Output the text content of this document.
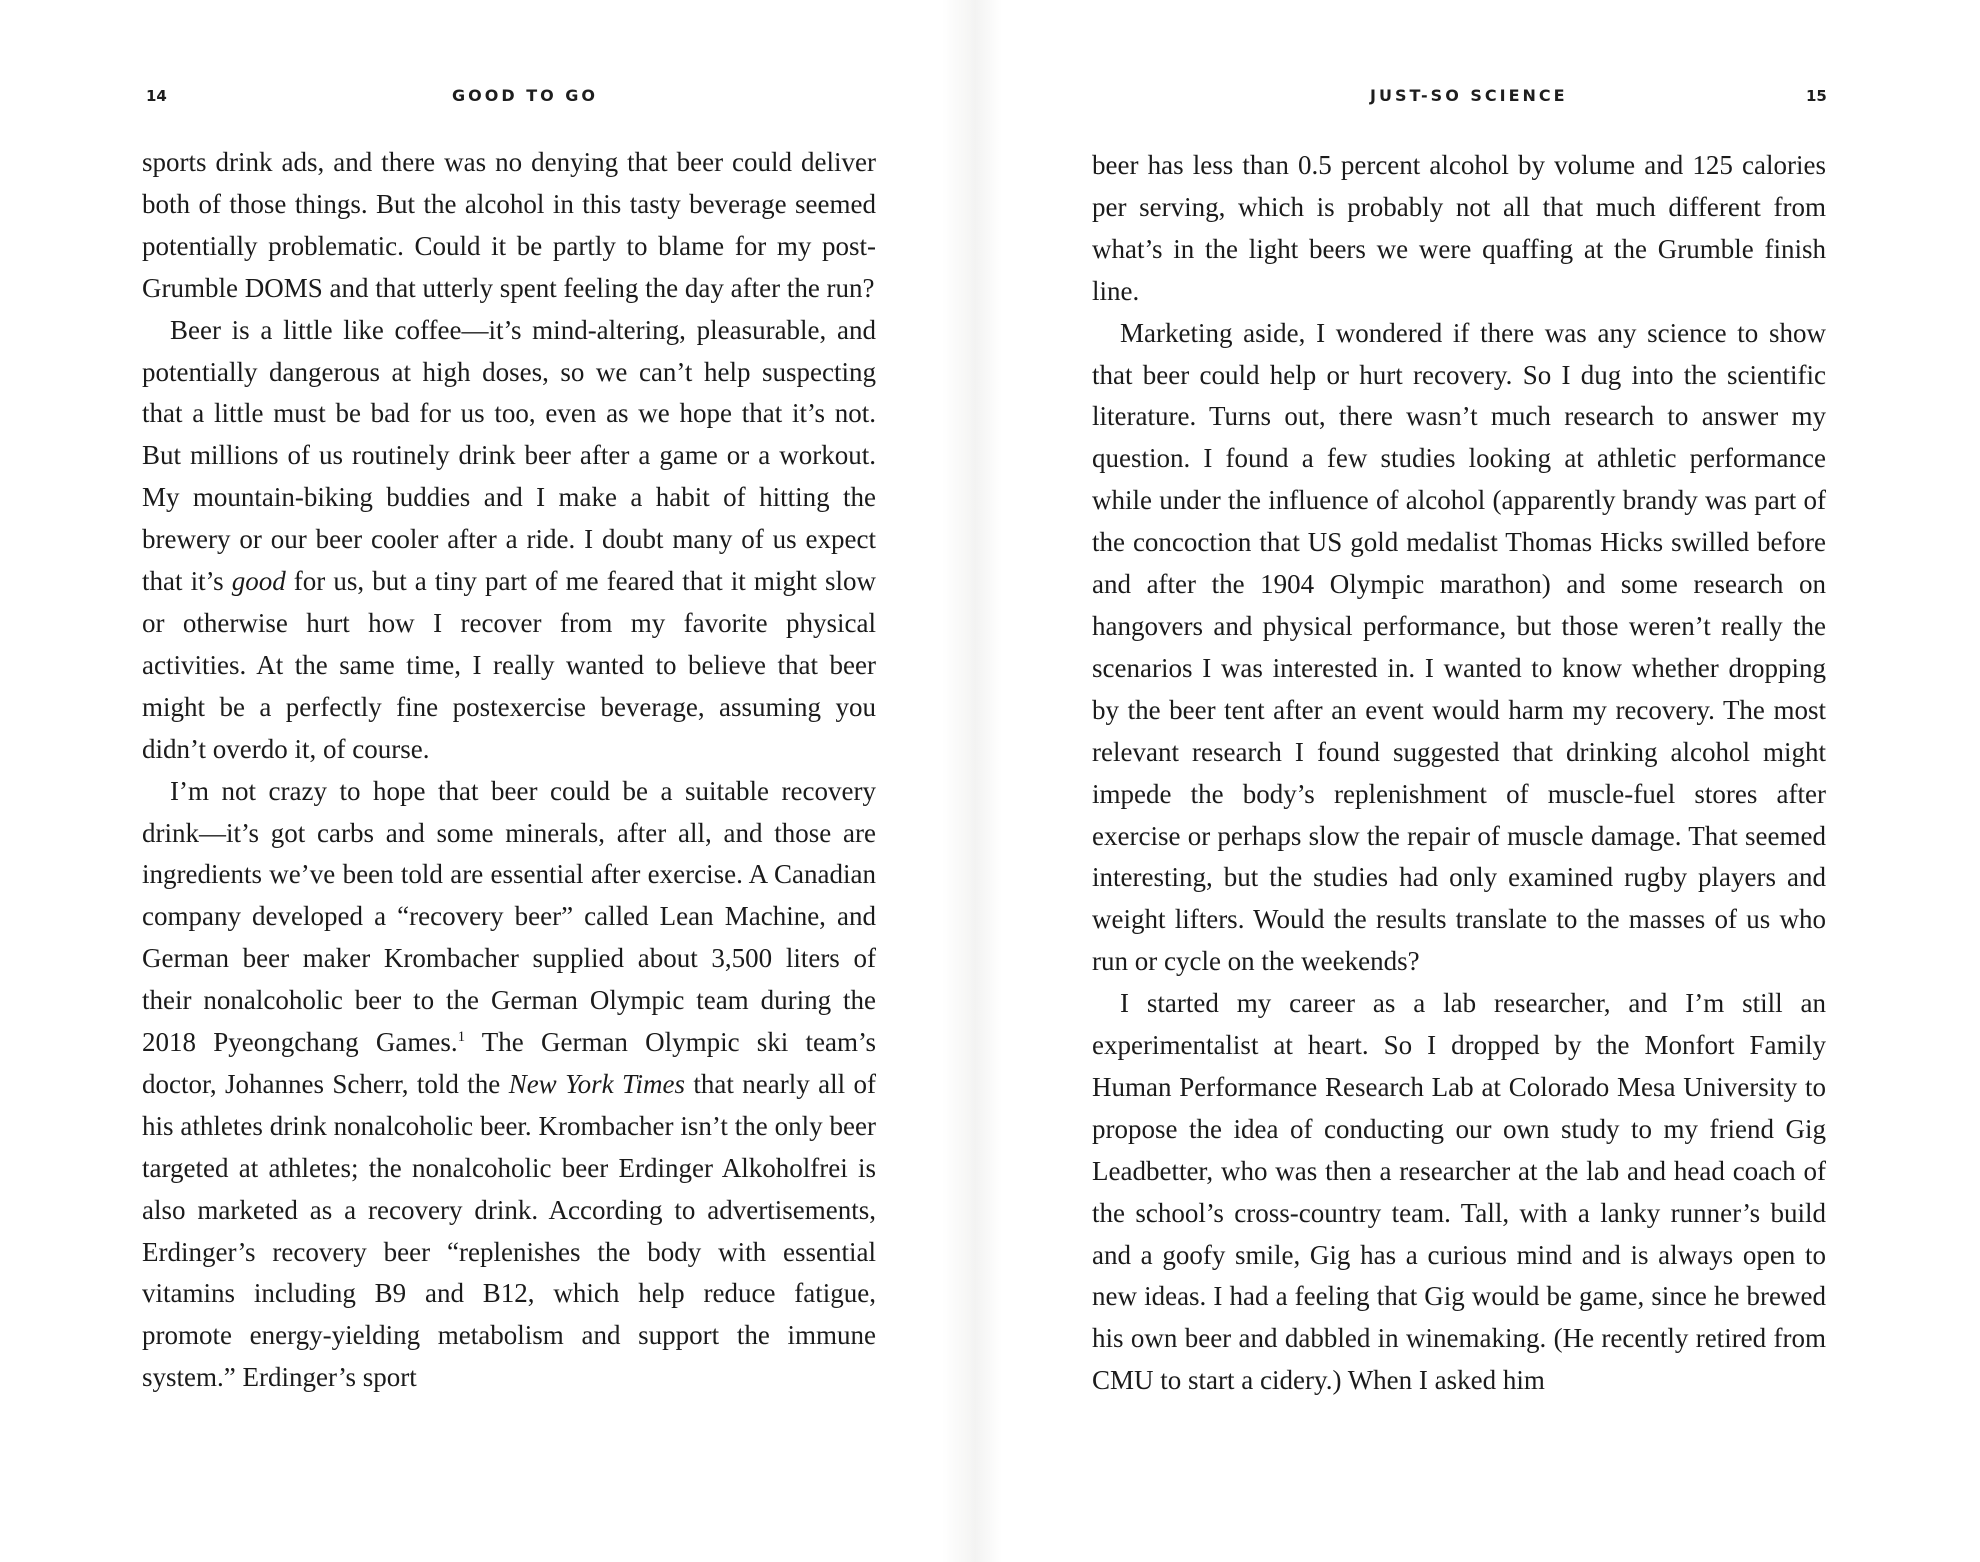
14	GOOD TO GO

sports drink ads, and there was no denying that beer could deliver both of those things. But the alcohol in this tasty beverage seemed potentially problematic. Could it be partly to blame for my post-Grumble DOMS and that utterly spent feeling the day after the run?

Beer is a little like coffee—it’s mind-altering, pleasurable, and potentially dangerous at high doses, so we can’t help suspecting that a little must be bad for us too, even as we hope that it’s not. But millions of us routinely drink beer after a game or a workout. My mountain-biking buddies and I make a habit of hitting the brewery or our beer cooler after a ride. I doubt many of us expect that it’s good for us, but a tiny part of me feared that it might slow or otherwise hurt how I recover from my favorite physical activities. At the same time, I really wanted to believe that beer might be a perfectly fine postexercise beverage, assuming you didn’t overdo it, of course.

I’m not crazy to hope that beer could be a suitable recovery drink—it’s got carbs and some minerals, after all, and those are ingredients we’ve been told are essential after exercise. A Canadian company developed a “recovery beer” called Lean Machine, and German beer maker Krombacher supplied about 3,500 liters of their nonalcoholic beer to the German Olympic team during the 2018 Pyeongchang Games.$^1$ The German Olympic ski team’s doctor, Johannes Scherr, told the New York Times that nearly all of his athletes drink nonalcoholic beer. Krombacher isn’t the only beer targeted at athletes; the nonalcoholic beer Erdinger Alkoholfrei is also marketed as a recovery drink. According to advertisements, Erdinger’s recovery beer “replenishes the body with essential vitamins including B9 and B12, which help reduce fatigue, promote energy-yielding metabolism and support the immune system.” Erdinger’s sport

JUST-SO SCIENCE	15

beer has less than 0.5 percent alcohol by volume and 125 calories per serving, which is probably not all that much different from what’s in the light beers we were quaffing at the Grumble finish line.

Marketing aside, I wondered if there was any science to show that beer could help or hurt recovery. So I dug into the scientific literature. Turns out, there wasn’t much research to answer my question. I found a few studies looking at athletic performance while under the influence of alcohol (apparently brandy was part of the concoction that US gold medalist Thomas Hicks swilled before and after the 1904 Olympic marathon) and some research on hangovers and physical performance, but those weren’t really the scenarios I was interested in. I wanted to know whether dropping by the beer tent after an event would harm my recovery. The most relevant research I found suggested that drinking alcohol might impede the body’s replenishment of muscle-fuel stores after exercise or perhaps slow the repair of muscle damage. That seemed interesting, but the studies had only examined rugby players and weight lifters. Would the results translate to the masses of us who run or cycle on the weekends?

I started my career as a lab researcher, and I’m still an experimentalist at heart. So I dropped by the Monfort Family Human Performance Research Lab at Colorado Mesa University to propose the idea of conducting our own study to my friend Gig Leadbetter, who was then a researcher at the lab and head coach of the school’s cross-country team. Tall, with a lanky runner’s build and a goofy smile, Gig has a curious mind and is always open to new ideas. I had a feeling that Gig would be game, since he brewed his own beer and dabbled in winemaking. (He recently retired from CMU to start a cidery.) When I asked him
